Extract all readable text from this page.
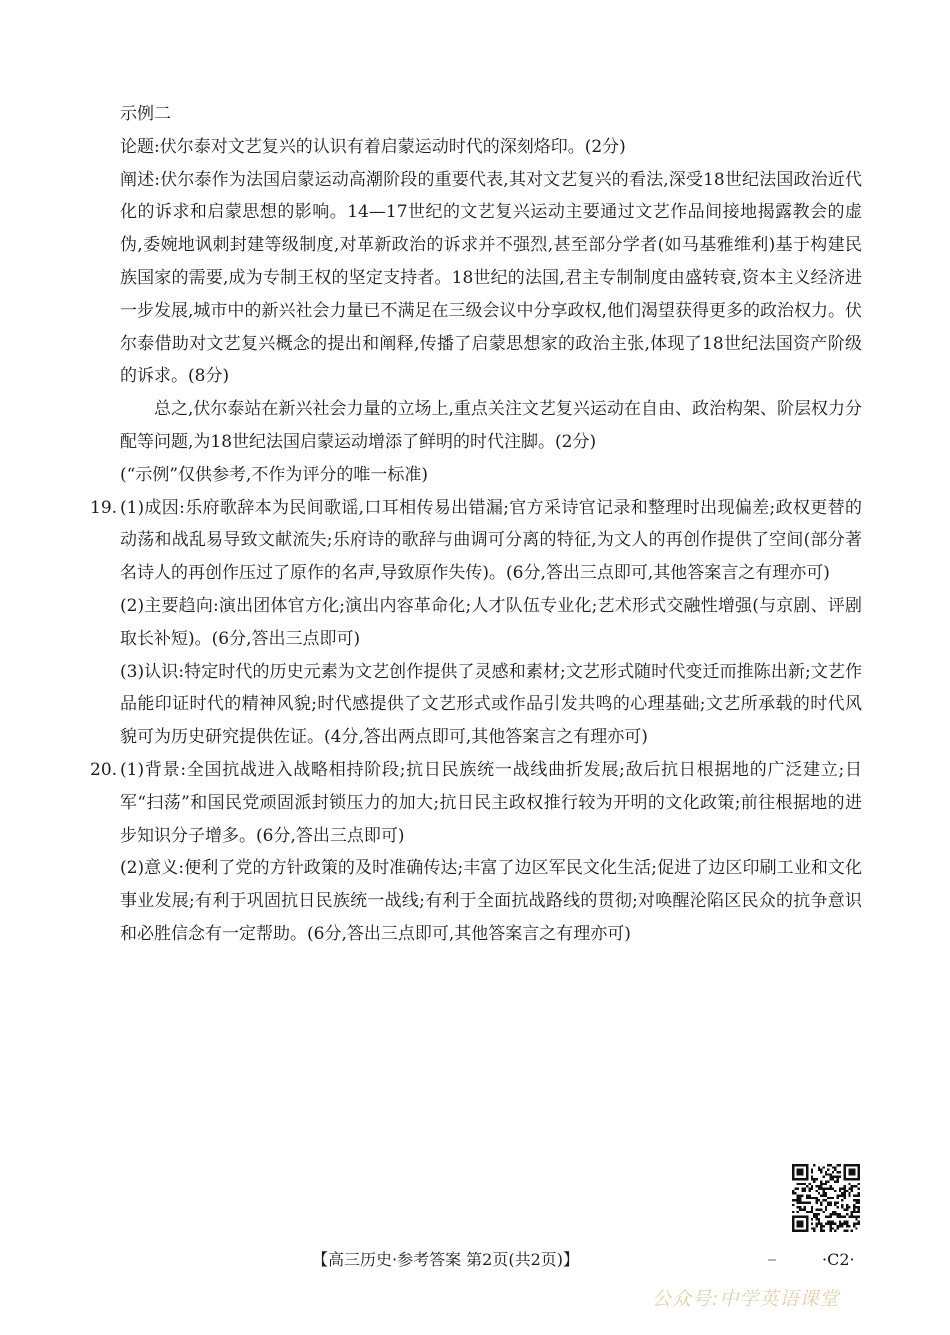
示例二

论题:伏尔泰对文艺复兴的认识有着启蒙运动时代的深刻烙印。(2分)

阐述:伏尔泰作为法国启蒙运动高潮阶段的重要代表,其对文艺复兴的看法,深受18世纪法国政治近代化的诉求和启蒙思想的影响。14—17世纪的文艺复兴运动主要通过文艺作品间接地揭露教会的虚伪,委婉地讽刺封建等级制度,对革新政治的诉求并不强烈,甚至部分学者(如马基雅维利)基于构建民族国家的需要,成为专制王权的坚定支持者。18世纪的法国,君主专制制度由盛转衰,资本主义经济进一步发展,城市中的新兴社会力量已不满足在三级会议中分享政权,他们渴望获得更多的政治权力。伏尔泰借助对文艺复兴概念的提出和阐释,传播了启蒙思想家的政治主张,体现了18世纪法国资产阶级的诉求。(8分)

总之,伏尔泰站在新兴社会力量的立场上,重点关注文艺复兴运动在自由、政治构架、阶层权力分配等问题,为18世纪法国启蒙运动增添了鲜明的时代注脚。(2分)

(“示例”仅供参考,不作为评分的唯一标准)

19. (1)成因:乐府歌辞本为民间歌谣,口耳相传易出错漏;官方采诗官记录和整理时出现偏差;政权更替的动荡和战乱易导致文献流失;乐府诗的歌辞与曲调可分离的特征,为文人的再创作提供了空间(部分著名诗人的再创作压过了原作的名声,导致原作失传)。(6分,答出三点即可,其他答案言之有理亦可)

(2)主要趋向:演出团体官方化;演出内容革命化;人才队伍专业化;艺术形式交融性增强(与京剧、评剧取长补短)。(6分,答出三点即可)

(3)认识:特定时代的历史元素为文艺创作提供了灵感和素材;文艺形式随时代变迁而推陈出新;文艺作品能印证时代的精神风貌;时代感提供了文艺形式或作品引发共鸣的心理基础;文艺所承载的时代风貌可为历史研究提供佐证。(4分,答出两点即可,其他答案言之有理亦可)

20. (1)背景:全国抗战进入战略相持阶段;抗日民族统一战线曲折发展;敌后抗日根据地的广泛建立;日军“扫荡”和国民党顽固派封锁压力的加大;抗日民主政权推行较为开明的文化政策;前往根据地的进步知识分子增多。(6分,答出三点即可)

(2)意义:便利了党的方针政策的及时准确传达;丰富了边区军民文化生活;促进了边区印刷工业和文化事业发展;有利于巩固抗日民族统一战线;有利于全面抗战路线的贯彻;对唤醒沦陷区民众的抗争意识和必胜信念有一定帮助。(6分,答出三点即可,其他答案言之有理亦可)

【高三历史·参考答案 第2页(共2页)】	·C2·
公众号:中学英语课堂
